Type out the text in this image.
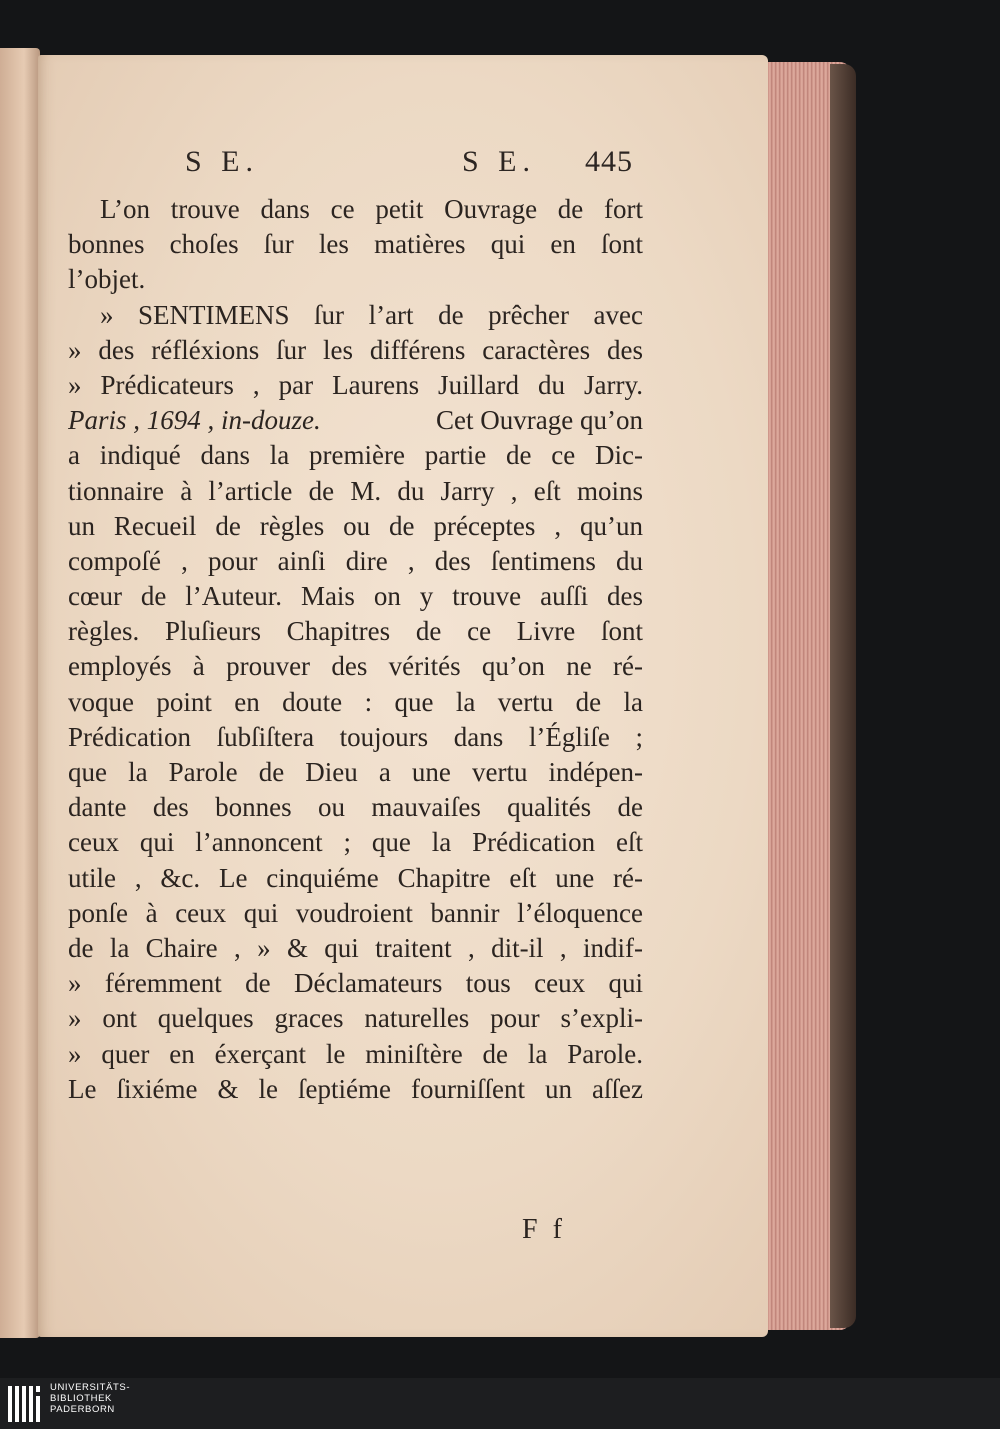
S E.	S E. 445
L’on trouve dans ce petit Ouvrage de fort
bonnes choſes ſur les matières qui en ſont
l’objet.
» SENTIMENS ſur l’art de prêcher avec
» des réfléxions ſur les différens caractères des
» Prédicateurs , par Laurens Juillard du Jarry.
Paris , 1694 , in-douze.	Cet Ouvrage qu’on
a indiqué dans la première partie de ce Dic-
tionnaire à l’article de M. du Jarry , eſt moins
un Recueil de règles ou de préceptes , qu’un
compoſé , pour ainſi dire , des ſentimens du
cœur de l’Auteur. Mais on y trouve auſſi des
règles. Pluſieurs Chapitres de ce Livre ſont
employés à prouver des vérités qu’on ne ré-
voque point en doute : que la vertu de la
Prédication ſubſiſtera toujours dans l’Égliſe ;
que la Parole de Dieu a une vertu indépen-
dante des bonnes ou mauvaiſes qualités de
ceux qui l’annoncent ; que la Prédication eſt
utile , &c. Le cinquiéme Chapitre eſt une ré-
ponſe à ceux qui voudroient bannir l’éloquence
de la Chaire , » & qui traitent , dit-il , indif-
» féremment de Déclamateurs tous ceux qui
» ont quelques graces naturelles pour s’expli-
» quer en éxerçant le miniſtère de la Parole.
Le ſixiéme & le ſeptiéme fourniſſent un aſſez
F f
UNIVERSITÄTS-
BIBLIOTHEK
PADERBORN
